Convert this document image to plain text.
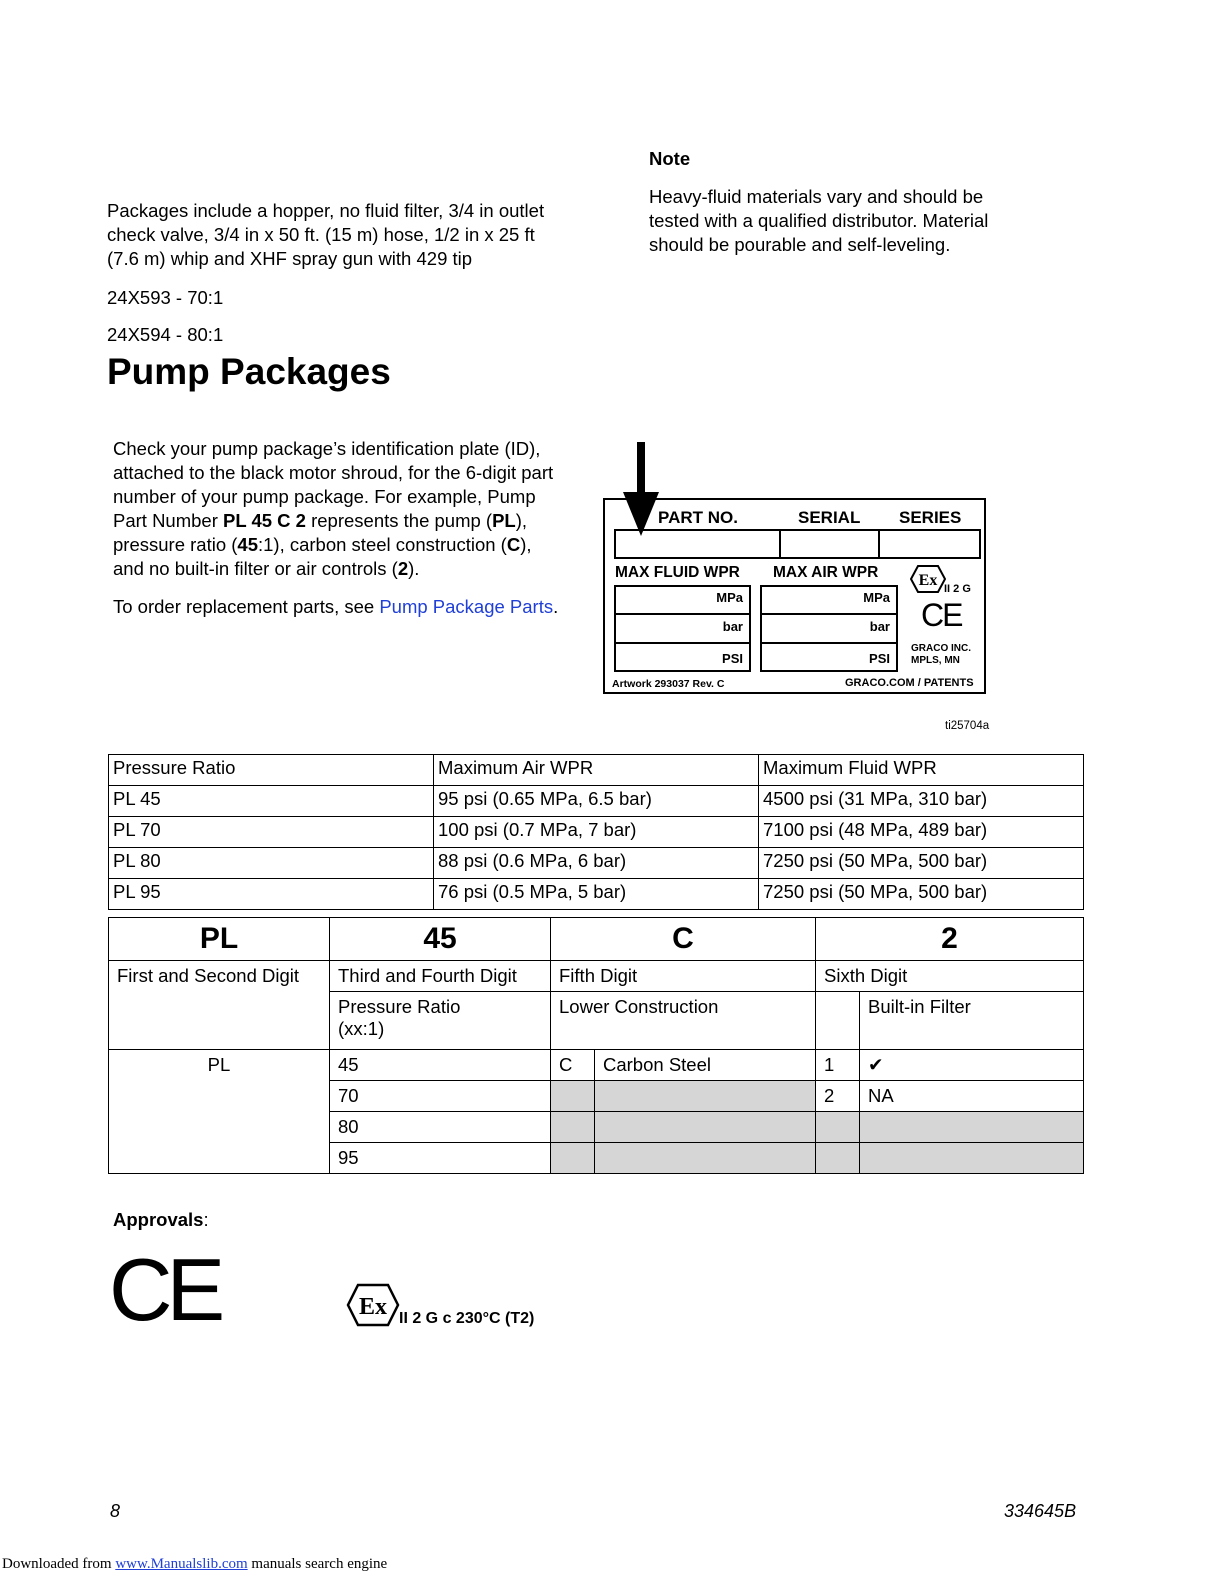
Note
Heavy-fluid materials vary and should be
tested with a qualified distributor. Material
should be pourable and self-leveling.
Packages include a hopper, no fluid filter, 3/4 in outlet
check valve, 3/4 in x 50 ft. (15 m) hose, 1/2 in x 25 ft
(7.6 m) whip and XHF spray gun with 429 tip
24X593 - 70:1
24X594 - 80:1
Pump Packages
Check your pump package’s identification plate (ID),
attached to the black motor shroud, for the 6-digit part
number of your pump package. For example, Pump
Part Number PL 45 C 2 represents the pump (PL),
pressure ratio (45:1), carbon steel construction (C),
and no built-in filter or air controls (2).
To order replacement parts, see Pump Package Parts.
PART NO.	SERIAL SERIES
MAX FLUID WPR MAX AIR WPR
MPa
bar
PSI
MPa
bar
PSI
Ex II 2 G
CE
GRACO INC.
MPLS, MN
Artwork 293037 Rev. C	GRACO.COM / PATENTS
ti25704a
Pressure Ratio	Maximum Air WPR	Maximum Fluid WPR
PL 45	95 psi (0.65 MPa, 6.5 bar)	4500 psi (31 MPa, 310 bar)
PL 70	100 psi (0.7 MPa, 7 bar)	7100 psi (48 MPa, 489 bar)
PL 80	88 psi (0.6 MPa, 6 bar)	7250 psi (50 MPa, 500 bar)
PL 95	76 psi (0.5 MPa, 5 bar)	7250 psi (50 MPa, 500 bar)
PL	45	C		2	
First and Second Digit	Third and Fourth Digit	Fifth Digit		Sixth Digit	
	Pressure Ratio
(xx:1)	Lower Construction			Built-in Filter
PL	45	C	Carbon Steel	1	✔
	70			2	NA
	80				
	95				
Approvals:
CE	Ex II 2 G c 230°C (T2)
8	334645B
Downloaded from www.Manualslib.com manuals search engine
